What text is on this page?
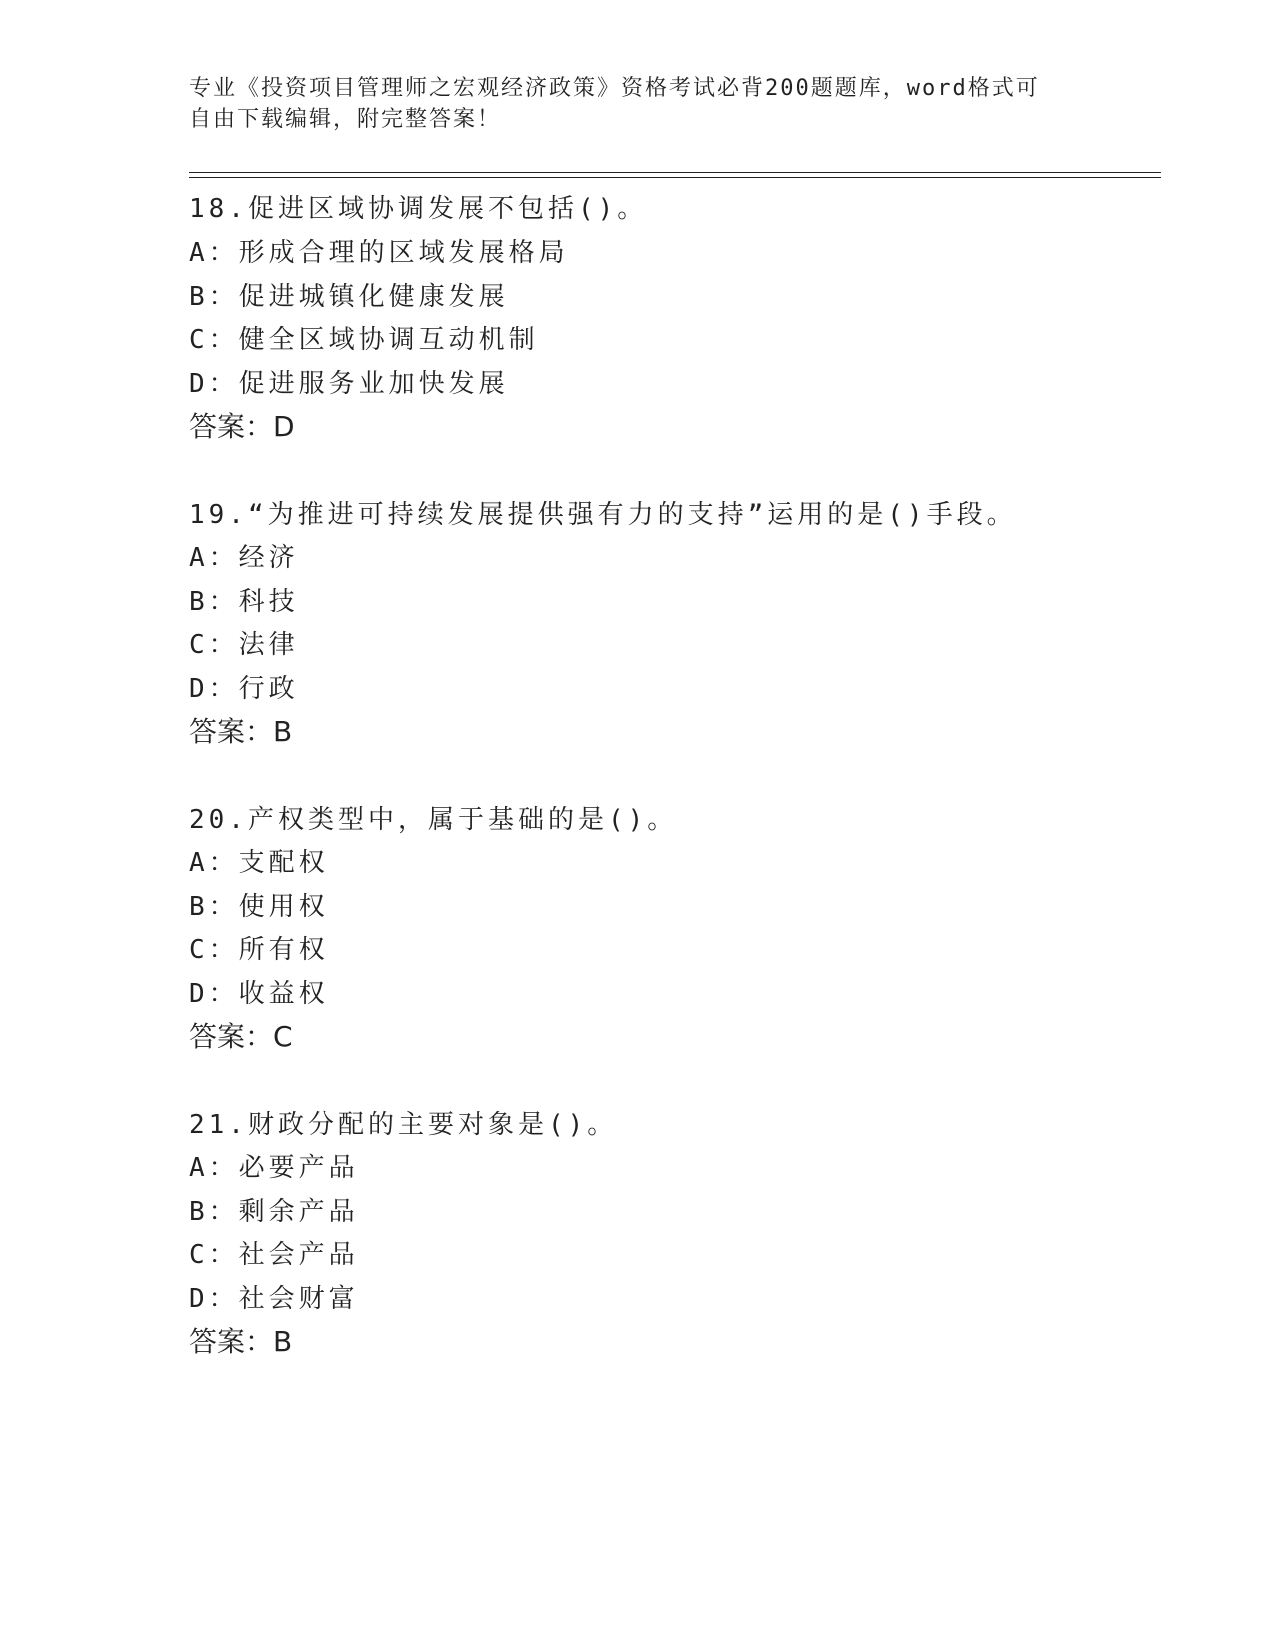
专业《投资项目管理师之宏观经济政策》资格考试必背200题题库，word格式可
自由下载编辑，附完整答案！
18.促进区域协调发展不包括()。
A：形成合理的区域发展格局
B：促进城镇化健康发展
C：健全区域协调互动机制
D：促进服务业加快发展
答案：D
19.“为推进可持续发展提供强有力的支持”运用的是()手段。
A：经济
B：科技
C：法律
D：行政
答案：B
20.产权类型中，属于基础的是()。
A：支配权
B：使用权
C：所有权
D：收益权
答案：C
21.财政分配的主要对象是()。
A：必要产品
B：剩余产品
C：社会产品
D：社会财富
答案：B
